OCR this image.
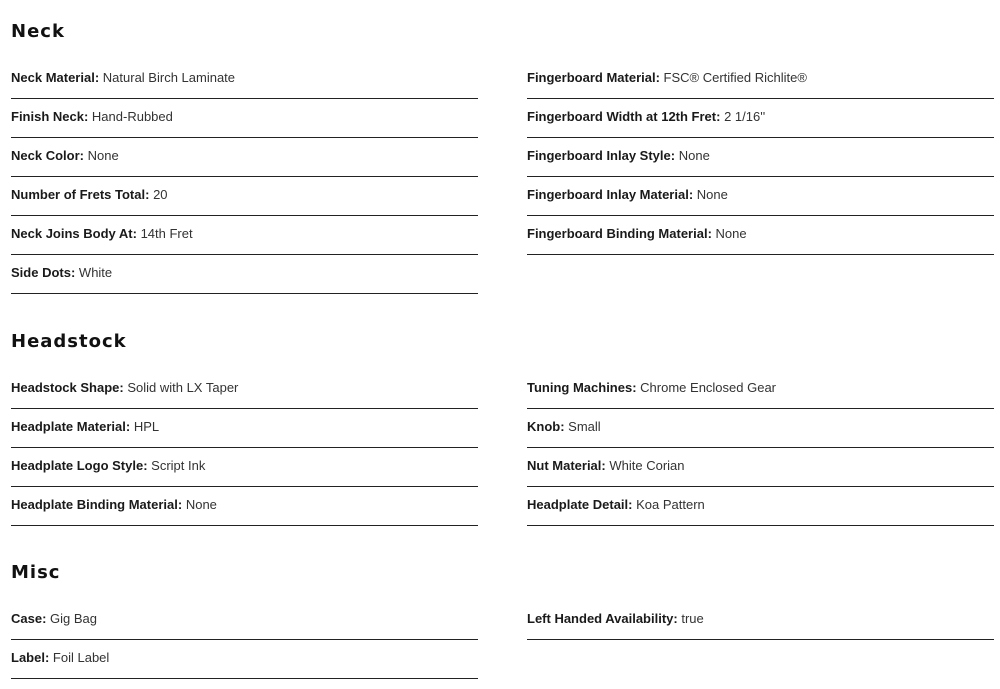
Neck
Neck Material: Natural Birch Laminate
Finish Neck: Hand-Rubbed
Neck Color: None
Number of Frets Total: 20
Neck Joins Body At: 14th Fret
Side Dots: White
Fingerboard Material: FSC® Certified Richlite®
Fingerboard Width at 12th Fret: 2 1/16''
Fingerboard Inlay Style: None
Fingerboard Inlay Material: None
Fingerboard Binding Material: None
Headstock
Headstock Shape: Solid with LX Taper
Headplate Material: HPL
Headplate Logo Style: Script Ink
Headplate Binding Material: None
Tuning Machines: Chrome Enclosed Gear
Knob: Small
Nut Material: White Corian
Headplate Detail: Koa Pattern
Misc
Case: Gig Bag
Label: Foil Label
Left Handed Availability: true
